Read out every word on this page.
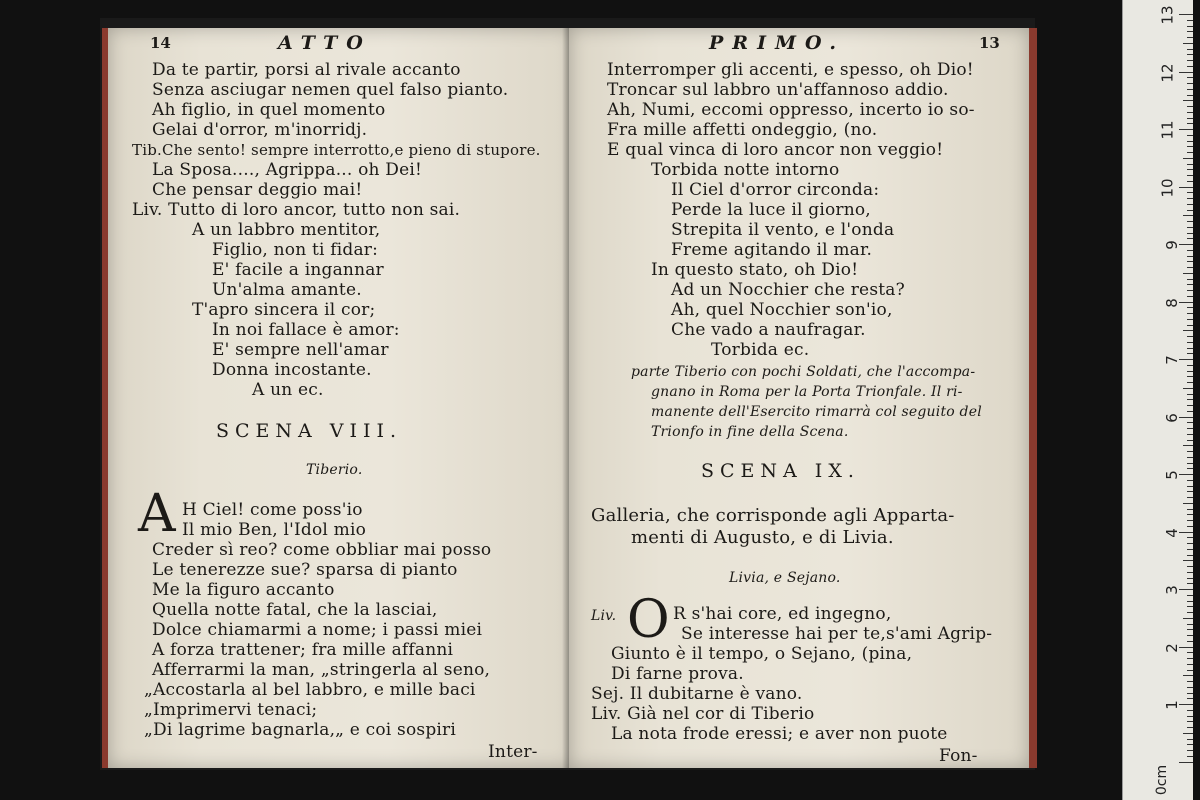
14	ATTO
Da te partir, porsi al rivale accanto
Senza asciugar nemen quel falso pianto.
Ah figlio, in quel momento
Gelai d'orror, m'inorridj.
Tib.Che sento! sempre interrotto,e pieno di stupore.
La Sposa...., Agrippa... oh Dei!
Che pensar deggio mai!
Liv. Tutto di loro ancor, tutto non sai.
A un labbro mentitor,
Figlio, non ti fidar:
E' facile a ingannar
Un'alma amante.
T'apro sincera il cor;
In noi fallace è amor:
E' sempre nell'amar
Donna incostante.
A un ec.
SCENA VIII.
Tiberio.
A H Ciel! come poss'io
Il mio Ben, l'Idol mio
Creder sì reo? come obbliar mai posso
Le tenerezze sue? sparsa di pianto
Me la figuro accanto
Quella notte fatal, che la lasciai,
Dolce chiamarmi a nome; i passi miei
A forza trattener; fra mille affanni
Afferrarmi la man, „stringerla al seno,
„Accostarla al bel labbro, e mille baci
„Imprimervi tenaci;
„Di lagrime bagnarla,„ e coi sospiri
Inter-
PRIMO.	13
Interromper gli accenti, e spesso, oh Dio!
Troncar sul labbro un'affannoso addio.
Ah, Numi, eccomi oppresso, incerto io so-
Fra mille affetti ondeggio, (no.
E qual vinca di loro ancor non veggio!
Torbida notte intorno
Il Ciel d'orror circonda:
Perde la luce il giorno,
Strepita il vento, e l'onda
Freme agitando il mar.
In questo stato, oh Dio!
Ad un Nocchier che resta?
Ah, quel Nocchier son'io,
Che vado a naufragar.
Torbida ec.
parte Tiberio con pochi Soldati, che l'accompa-
gnano in Roma per la Porta Trionfale. Il ri-
manente dell'Esercito rimarrà col seguito del
Trionfo in fine della Scena.
SCENA IX.
Galleria, che corrisponde agli Apparta-
menti di Augusto, e di Livia.
Livia, e Sejano.
Liv. O R s'hai core, ed ingegno,
Se interesse hai per te,s'ami Agrip-
Giunto è il tempo, o Sejano, (pina,
Di farne prova.
Sej. Il dubitarne è vano.
Liv. Già nel cor di Tiberio
La nota frode eressi; e aver non puote
Fon-
0cm
13
12
11
10
9
8
7
6
5
4
3
2
1
